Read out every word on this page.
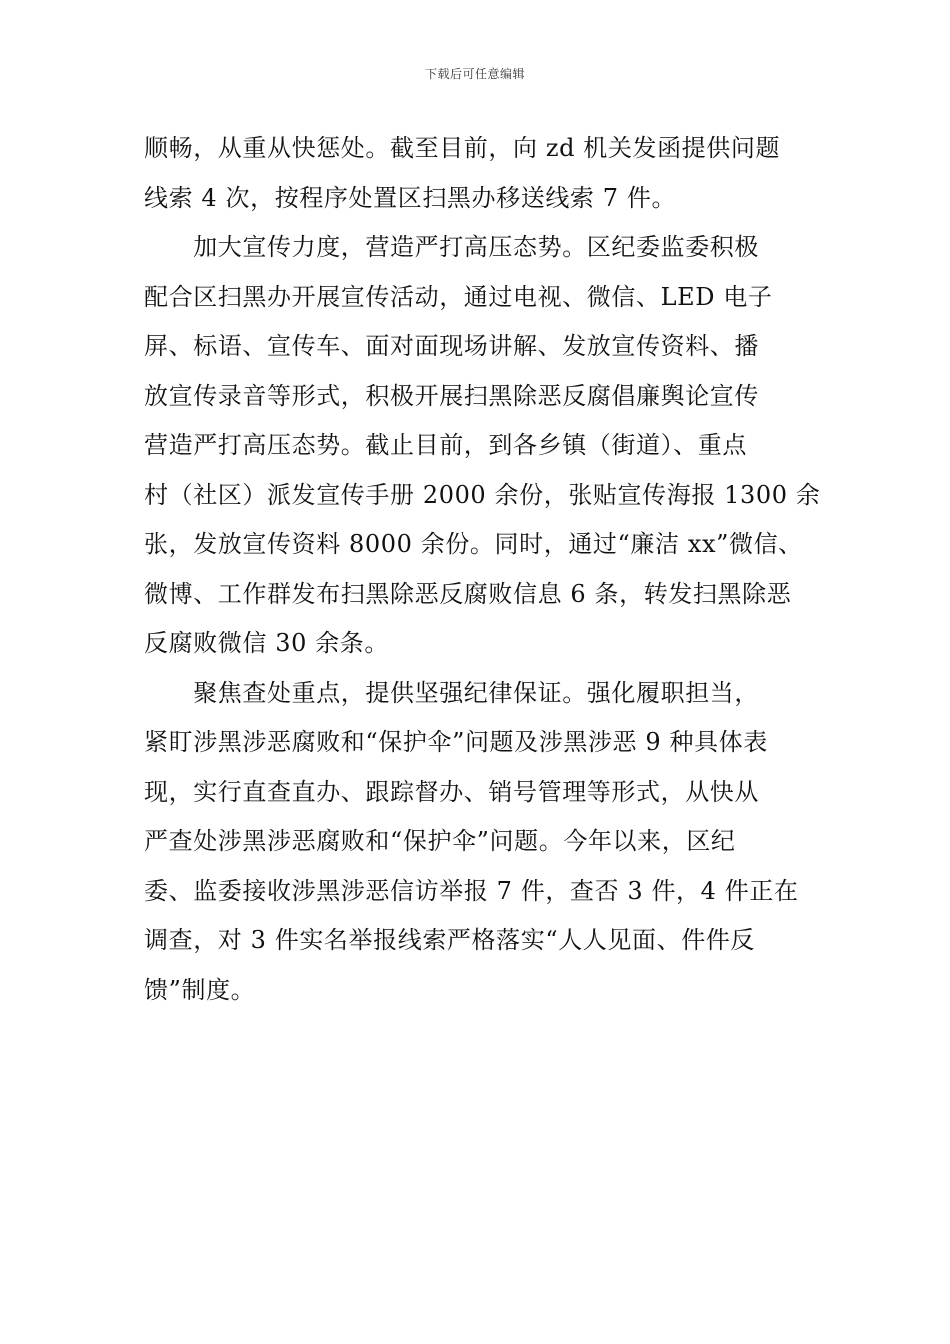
下载后可任意编辑
顺畅，从重从快惩处。截至目前，向 zd 机关发函提供问题
线索 4 次，按程序处置区扫黑办移送线索 7 件。
　　加大宣传力度，营造严打高压态势。区纪委监委积极
配合区扫黑办开展宣传活动，通过电视、微信、LED 电子
屏、标语、宣传车、面对面现场讲解、发放宣传资料、播
放宣传录音等形式，积极开展扫黑除恶反腐倡廉舆论宣传
营造严打高压态势。截止目前，到各乡镇（街道）、重点
村（社区）派发宣传手册 2000 余份，张贴宣传海报 1300 余
张，发放宣传资料 8000 余份。同时，通过“廉洁 xx”微信、
微博、工作群发布扫黑除恶反腐败信息 6 条，转发扫黑除恶
反腐败微信 30 余条。
　　聚焦查处重点，提供坚强纪律保证。强化履职担当，
紧盯涉黑涉恶腐败和“保护伞”问题及涉黑涉恶 9 种具体表
现，实行直查直办、跟踪督办、销号管理等形式，从快从
严查处涉黑涉恶腐败和“保护伞”问题。今年以来，区纪
委、监委接收涉黑涉恶信访举报 7 件，查否 3 件，4 件正在
调查，对 3 件实名举报线索严格落实“人人见面、件件反
馈”制度。
